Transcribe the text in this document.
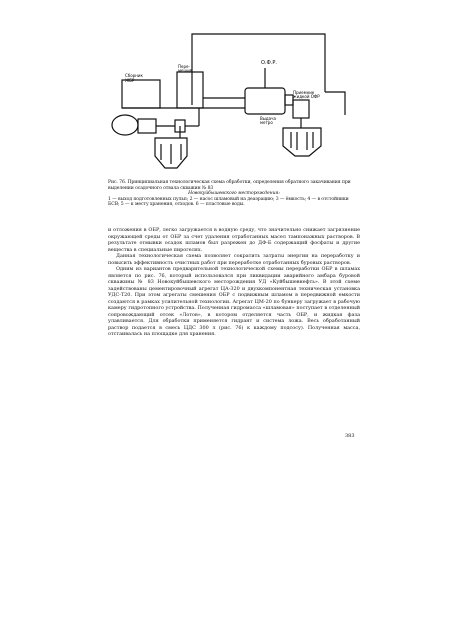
О.Ф.Р.
Сборник
ЖБР
Пере-
мешив.
Приемник
жидкой ОФР
Выдача
метро

Рис. 76. Принципиальная технологическая схема обработки, определения обратного закачивания при выделении осадочного отвала скважин № 83

Новокуйбышевского месторождения:

1 — выход подготовленных пульп; 2 — насос шламовый на деаэрацию; 3 — ёмкость; 4 — в отстойники БСВ; 5 — к месту хранения, отходов. 6 — пластовые воды.

и отложения в ОБР, легко загружается в водную среду, что значительно снижает загрязнение окружающей среды от ОБР за счет удаления отработанных масел тампонажных растворов. В результате отмывки осадок шламов был разрежен до ДФ-Б содержащий фосфаты и другие вещества в специальные пирогелях.

Данная технологическая схема позволяет сократить затраты энергии на переработку и повысить эффективность очистных работ при переработке отработанных буровых растворов.

Одним из вариантов предварительной технологической схемы переработки ОБР в шламах является по рис. 76, который использовался при ликвидации аварийного амбара буровой скважины № 83 Новокуйбышевского месторождения УД «Куйбышевнефть». В этой схеме задействованы цементировочный агрегат ЦА-320 и двухкомпонентная техническая установка УДС-Т20. При этом агрегаты смешения ОБР с подвижным шламом в передвижной емкости создаются в рамках усилительной технологии. Агрегат ЦМ-20 по бункеру загружает в рабочую камеру гидротопного устройства. Полученная гидромасса «шламовая» поступает в отделенный сопровождающий отсек «Лотов», в котором отделяется часть ОБР, и жидкая фаза улавливается. Для обработки применяется гидрант и система ложа. Весь обработанный раствор подается в смесь ЦДС 300 л (рис. 76) к каждому подсосу). Полученная масса, отстаивалась на площадке для хранения.

383
